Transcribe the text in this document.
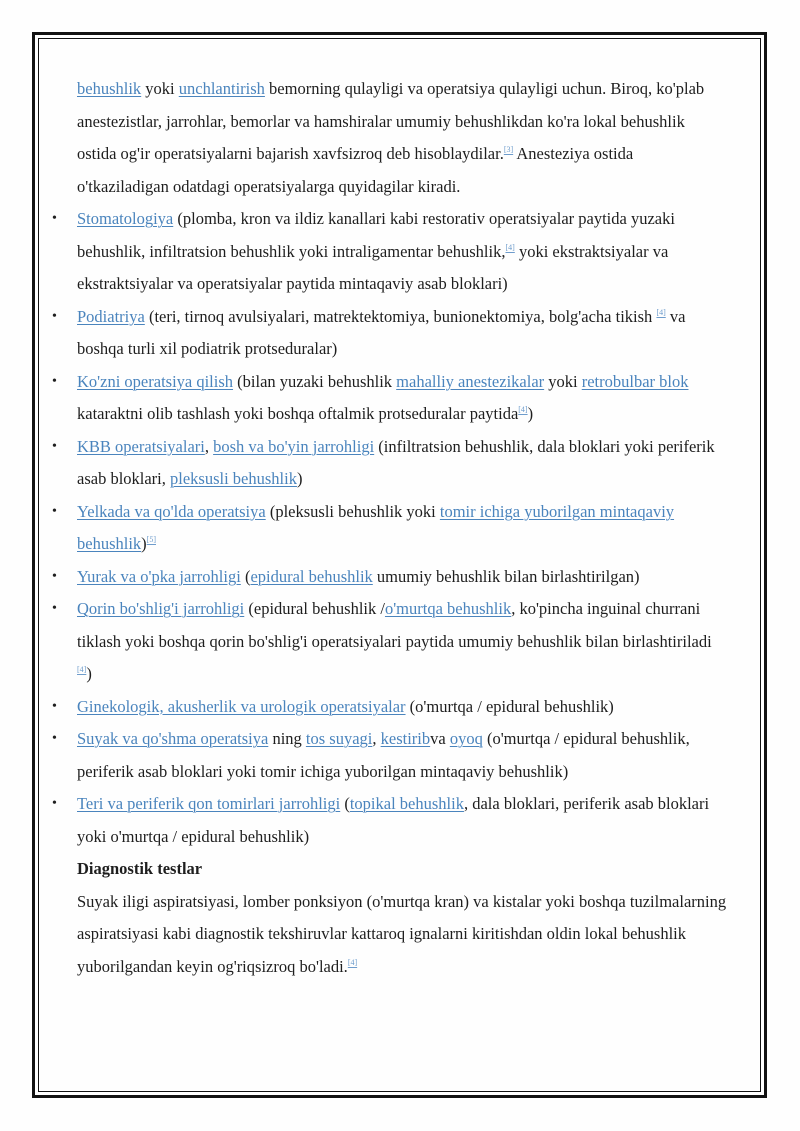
behushlik yoki unchlantirish bemorning qulayligi va operatsiya qulayligi uchun. Biroq, ko'plab anestezistlar, jarrohlar, bemorlar va hamshiralar umumiy behushlikdan ko'ra lokal behushlik ostida og'ir operatsiyalarni bajarish xavfsizroq deb hisoblaydilar.[3] Anesteziya ostida o'tkaziladigan odatdagi operatsiyalarga quyidagilar kiradi.

• Stomatologiya (plomba, kron va ildiz kanallari kabi restorativ operatsiyalar paytida yuzaki behushlik, infiltratsion behushlik yoki intraligamentar behushlik,[4] yoki ekstraktsiyalar va ekstraktsiyalar va operatsiyalar paytida mintaqaviy asab bloklari)
• Podiatriya (teri, tirnoq avulsiyalari, matrektektomiya, bunionektomiya, bolg'acha tikish [4] va boshqa turli xil podiatrik protseduralar)
• Ko'zni operatsiya qilish (bilan yuzaki behushlik mahalliy anestezikalar yoki retrobulbar blok kataraktni olib tashlash yoki boshqa oftalmik protseduralar paytida[4])
• KBB operatsiyalari, bosh va bo'yin jarrohligi (infiltratsion behushlik, dala bloklari yoki periferik asab bloklari, pleksusli behushlik)
• Yelkada va qo'lda operatsiya (pleksusli behushlik yoki tomir ichiga yuborilgan mintaqaviy behushlik)[5]
• Yurak va o'pka jarrohligi (epidural behushlik umumiy behushlik bilan birlashtirilgan)
• Qorin bo'shlig'i jarrohligi (epidural behushlik /o'murtqa behushlik, ko'pincha inguinal churrani tiklash yoki boshqa qorin bo'shlig'i operatsiyalari paytida umumiy behushlik bilan birlashtiriladi [4])
• Ginekologik, akusherlik va urologik operatsiyalar (o'murtqa / epidural behushlik)
• Suyak va qo'shma operatsiya ning tos suyagi, kestiribva oyoq (o'murtqa / epidural behushlik, periferik asab bloklari yoki tomir ichiga yuborilgan mintaqaviy behushlik)
• Teri va periferik qon tomirlari jarrohligi (topikal behushlik, dala bloklari, periferik asab bloklari yoki o'murtqa / epidural behushlik)

Diagnostik testlar

Suyak iligi aspiratsiyasi, lomber ponksiyon (o'murtqa kran) va kistalar yoki boshqa tuzilmalarning aspiratsiyasi kabi diagnostik tekshiruvlar kattaroq ignalarni kiritishdan oldin lokal behushlik yuborilgandan keyin og'riqsizroq bo'ladi.[4]
